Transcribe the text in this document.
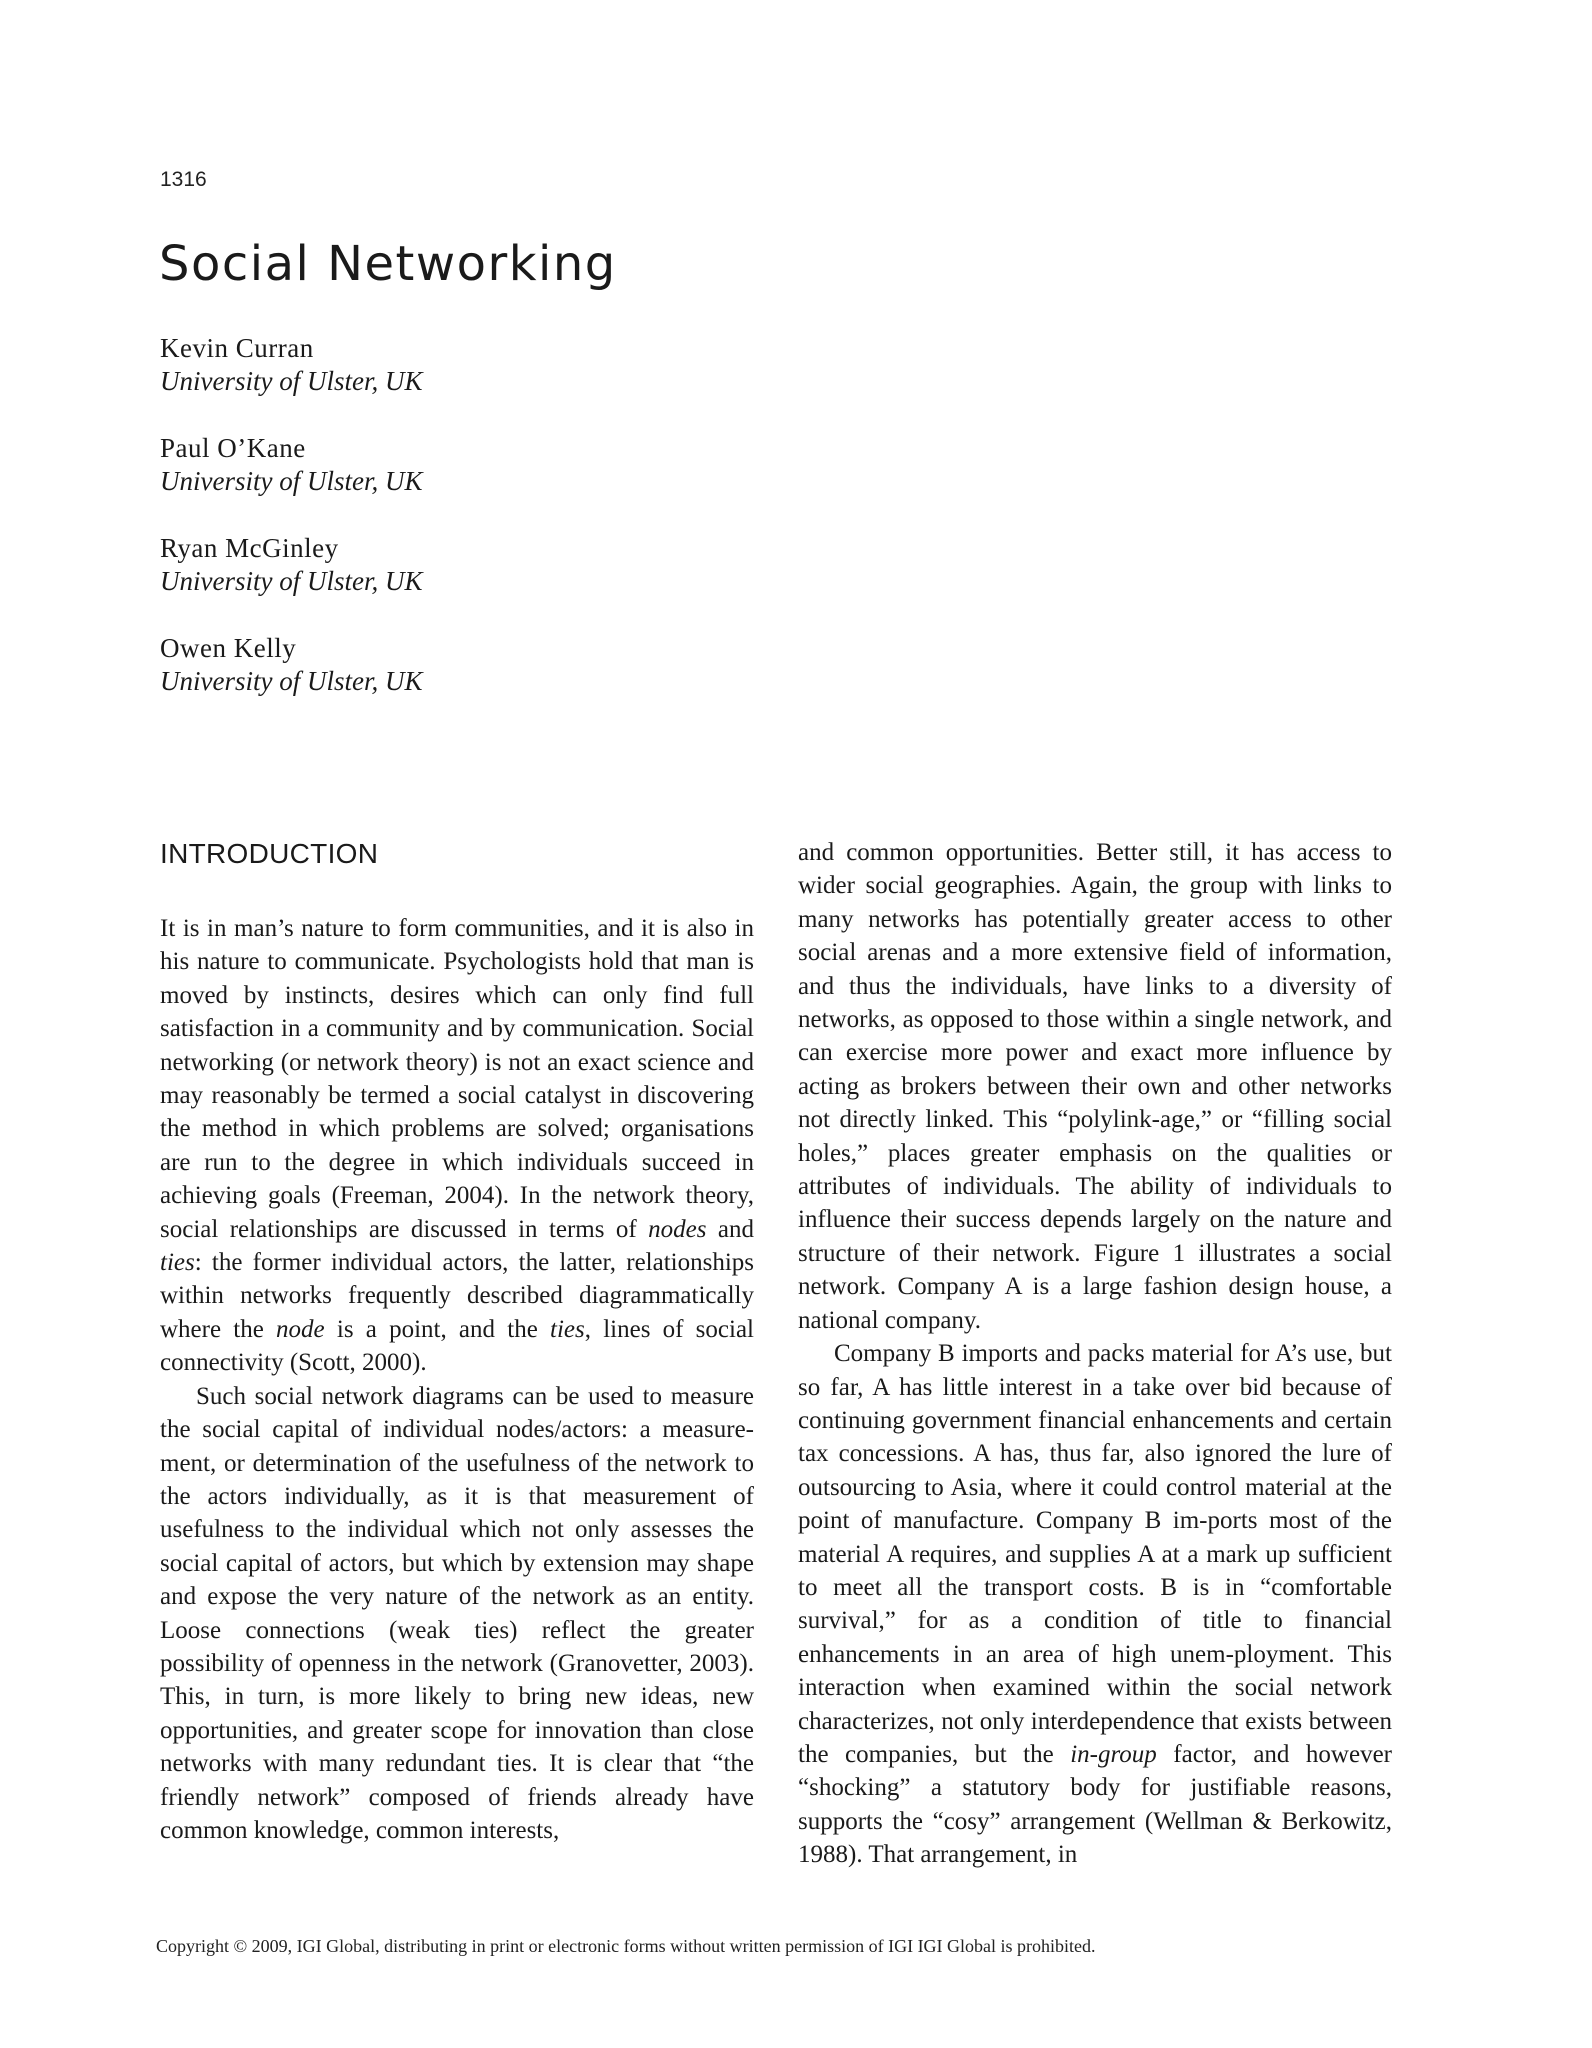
1316
Social Networking
Kevin Curran
University of Ulster, UK
Paul O’Kane
University of Ulster, UK
Ryan McGinley
University of Ulster, UK
Owen Kelly
University of Ulster, UK
INTRODUCTION

It is in man’s nature to form communities, and it is also in his nature to communicate. Psychologists hold that man is moved by instincts, desires which can only find full satisfaction in a community and by communication. Social networking (or network theory) is not an exact science and may reasonably be termed a social catalyst in discovering the method in which problems are solved; organisations are run to the degree in which individuals succeed in achieving goals (Freeman, 2004). In the network theory, social relationships are discussed in terms of nodes and ties: the former individual actors, the latter, relationships within networks frequently described diagrammatically where the node is a point, and the ties, lines of social connectivity (Scott, 2000).

Such social network diagrams can be used to measure the social capital of individual nodes/actors: a measure-ment, or determination of the usefulness of the network to the actors individually, as it is that measurement of usefulness to the individual which not only assesses the social capital of actors, but which by extension may shape and expose the very nature of the network as an entity. Loose connections (weak ties) reflect the greater possibility of openness in the network (Granovetter, 2003). This, in turn, is more likely to bring new ideas, new opportunities, and greater scope for innovation than close networks with many redundant ties. It is clear that “the friendly network” composed of friends already have common knowledge, common interests,

and common opportunities. Better still, it has access to wider social geographies. Again, the group with links to many networks has potentially greater access to other social arenas and a more extensive field of information, and thus the individuals, have links to a diversity of networks, as opposed to those within a single network, and can exercise more power and exact more influence by acting as brokers between their own and other networks not directly linked. This “polylink-age,” or “filling social holes,” places greater emphasis on the qualities or attributes of individuals. The ability of individuals to influence their success depends largely on the nature and structure of their network. Figure 1 illustrates a social network. Company A is a large fashion design house, a national company.

Company B imports and packs material for A’s use, but so far, A has little interest in a take over bid because of continuing government financial enhancements and certain tax concessions. A has, thus far, also ignored the lure of outsourcing to Asia, where it could control material at the point of manufacture. Company B im-ports most of the material A requires, and supplies A at a mark up sufficient to meet all the transport costs. B is in “comfortable survival,” for as a condition of title to financial enhancements in an area of high unem-ployment. This interaction when examined within the social network characterizes, not only interdependence that exists between the companies, but the in-group factor, and however “shocking” a statutory body for justifiable reasons, supports the “cosy” arrangement (Wellman & Berkowitz, 1988). That arrangement, in

Copyright © 2009, IGI Global, distributing in print or electronic forms without written permission of IGI IGI Global is prohibited.
